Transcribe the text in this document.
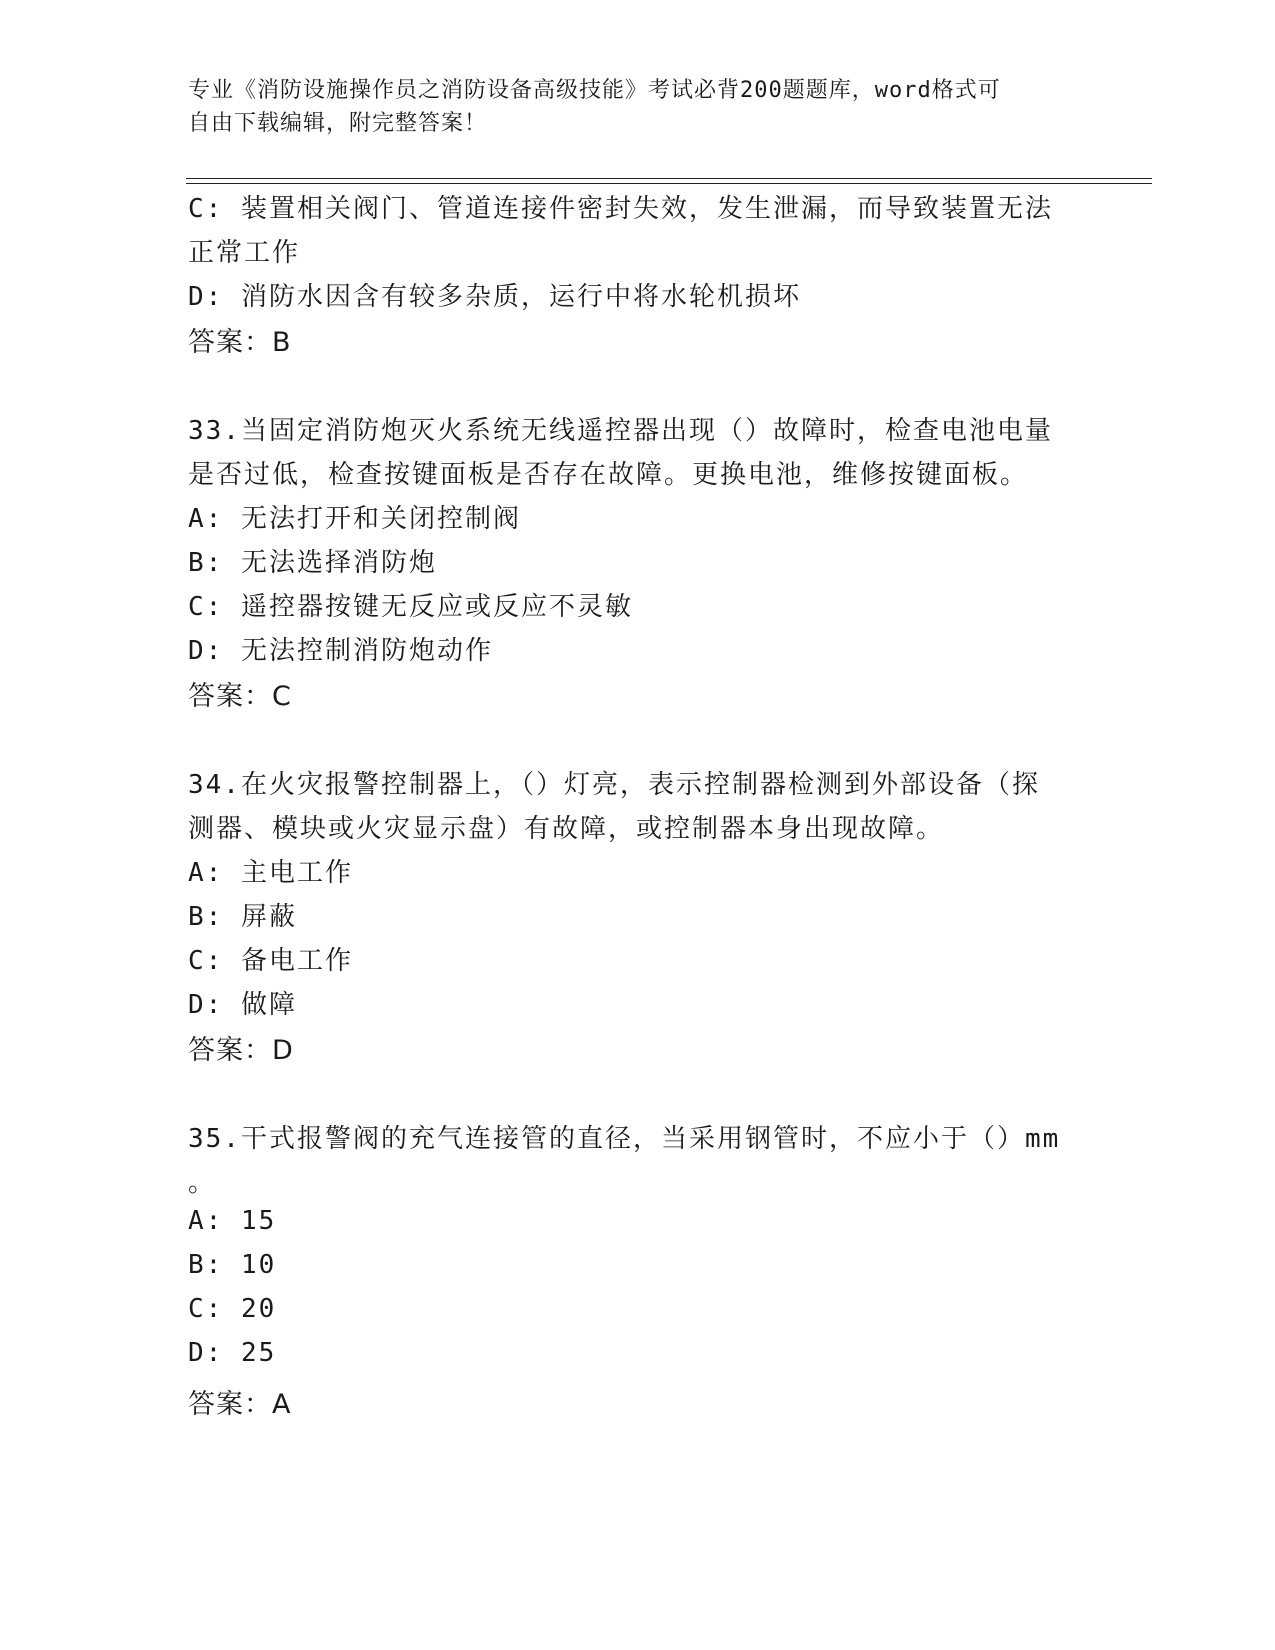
专业《消防设施操作员之消防设备高级技能》考试必背200题题库，word格式可
自由下载编辑，附完整答案！
C: 装置相关阀门、管道连接件密封失效，发生泄漏，而导致装置无法
正常工作
D: 消防水因含有较多杂质，运行中将水轮机损坏
答案：B
33.当固定消防炮灭火系统无线遥控器出现（）故障时，检查电池电量
是否过低，检查按键面板是否存在故障。更换电池，维修按键面板。
A: 无法打开和关闭控制阀
B: 无法选择消防炮
C: 遥控器按键无反应或反应不灵敏
D: 无法控制消防炮动作
答案：C
34.在火灾报警控制器上，（）灯亮，表示控制器检测到外部设备（探
测器、模块或火灾显示盘）有故障，或控制器本身出现故障。
A: 主电工作
B: 屏蔽
C: 备电工作
D: 做障
答案：D
35.干式报警阀的充气连接管的直径，当采用钢管时，不应小于（）mm
。
A: 15
B: 10
C: 20
D: 25
答案：A
